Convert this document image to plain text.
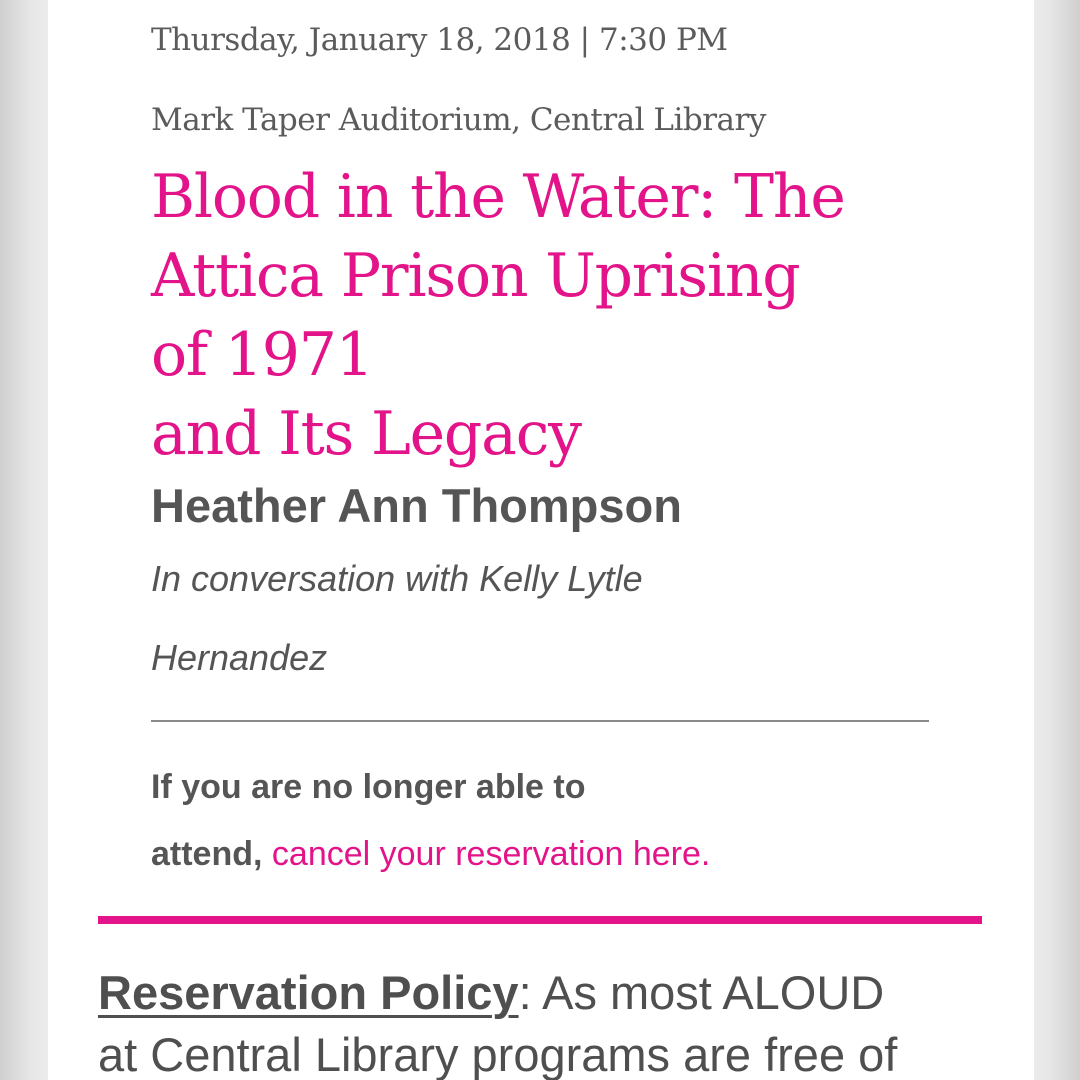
Thursday, January 18, 2018 | 7:30 PM
Mark Taper Auditorium, Central Library
Blood in the Water: The
Attica Prison Uprising
of 1971
and Its Legacy
Heather Ann Thompson
In conversation with Kelly Lytle
Hernandez
If you are no longer able to
attend, cancel your reservation here.
Reservation Policy: As most ALOUD
at Central Library programs are free of
